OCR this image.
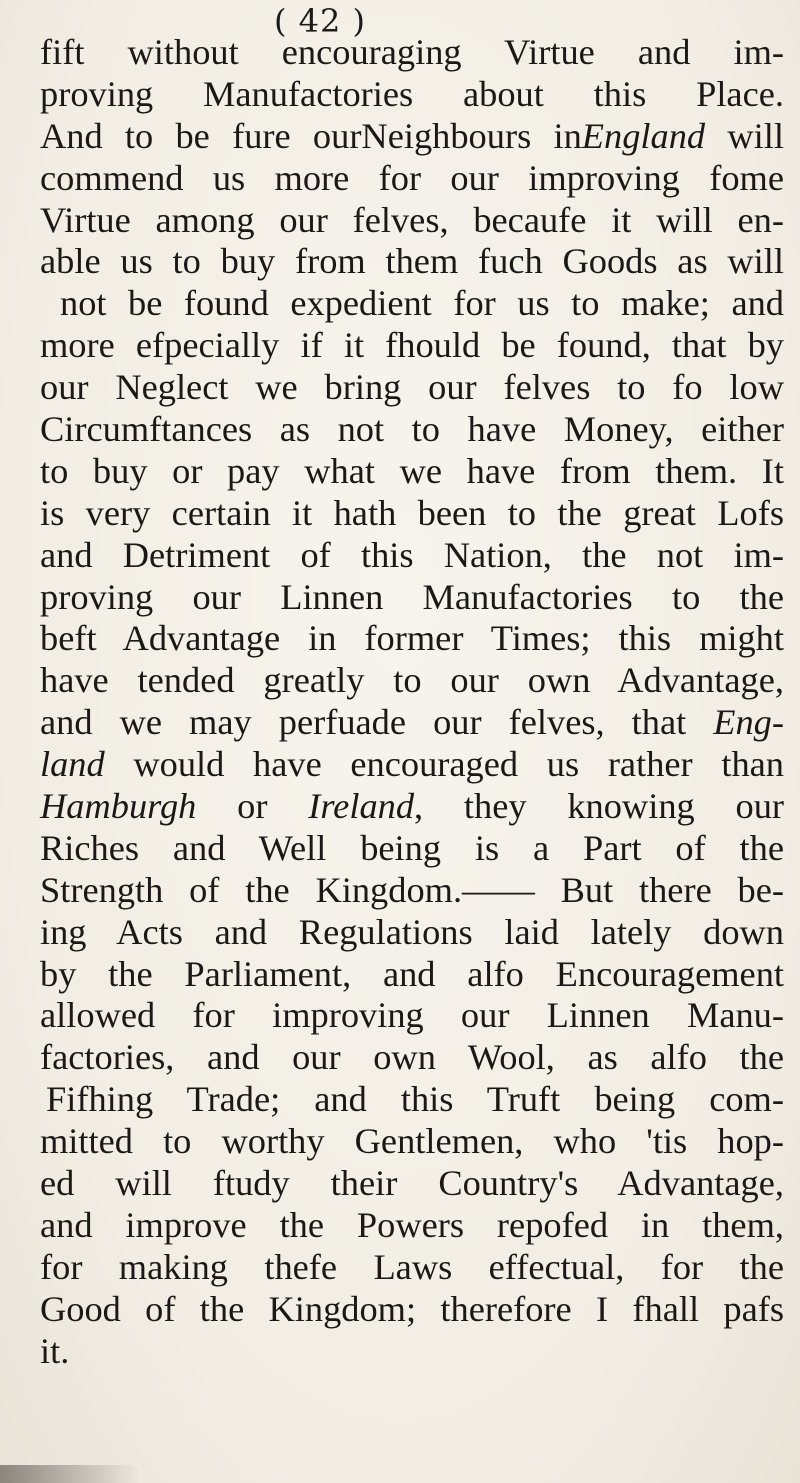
( 42 )
fift without encouraging Virtue and im-
proving Manufactories about this Place.
And to be fure ourNeighbours inEngland will
commend us more for our improving fome
Virtue among our felves, becaufe it will en-
able us to buy from them fuch Goods as will
not be found expedient for us to make; and
more efpecially if it fhould be found, that by
our Neglect we bring our felves to fo low
Circumftances as not to have Money, either
to buy or pay what we have from them. It
is very certain it hath been to the great Lofs
and Detriment of this Nation, the not im-
proving our Linnen Manufactories to the
beft Advantage in former Times; this might
have tended greatly to our own Advantage,
and we may perfuade our felves, that Eng-
land would have encouraged us rather than
Hamburgh or Ireland, they knowing our
Riches and Well being is a Part of the
Strength of the Kingdom.—— But there be-
ing Acts and Regulations laid lately down
by the Parliament, and alfo Encouragement
allowed for improving our Linnen Manu-
factories, and our own Wool, as alfo the
Fifhing Trade; and this Truft being com-
mitted to worthy Gentlemen, who 'tis hop-
ed will ftudy their Country's Advantage,
and improve the Powers repofed in them,
for making thefe Laws effectual, for the
Good of the Kingdom; therefore I fhall pafs
it.
